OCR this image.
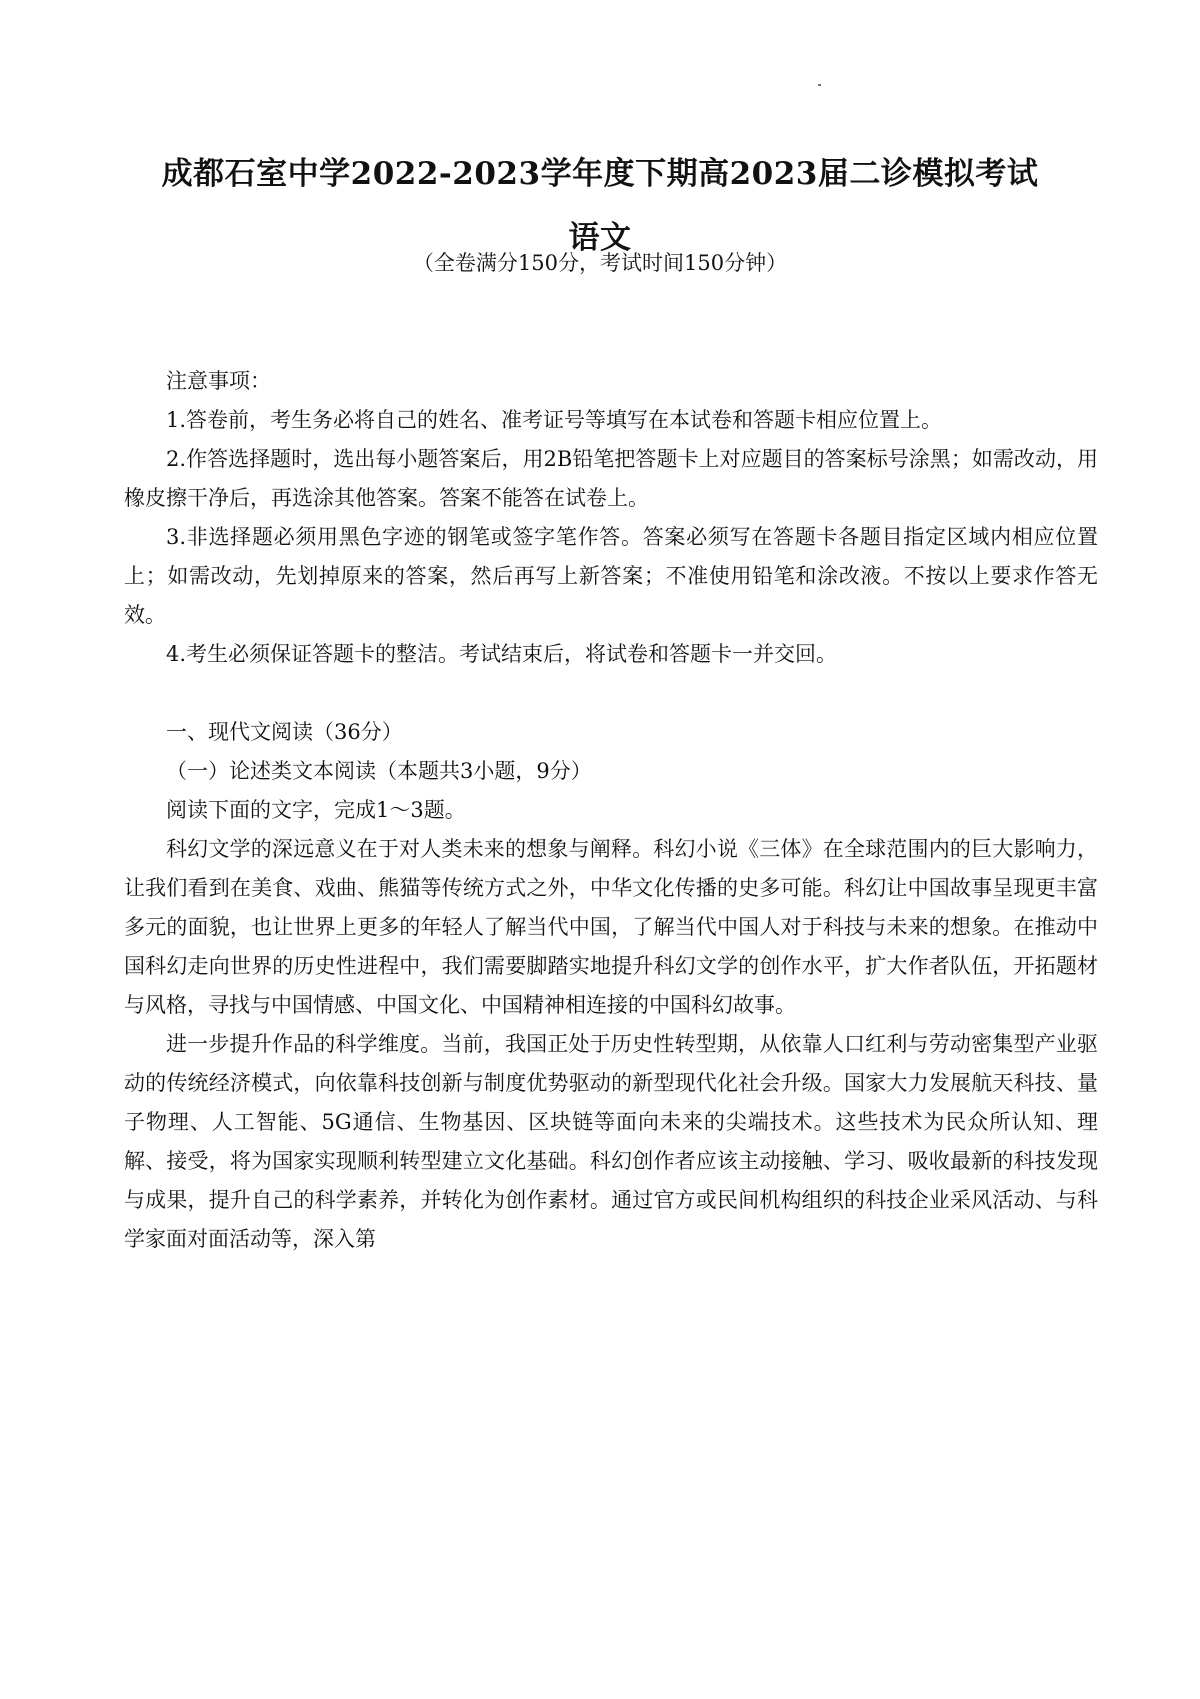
成都石室中学2022-2023学年度下期高2023届二诊模拟考试
语文
（全卷满分150分，考试时间150分钟）

注意事项：

1.答卷前，考生务必将自己的姓名、准考证号等填写在本试卷和答题卡相应位置上。

2.作答选择题时，选出每小题答案后，用2B铅笔把答题卡上对应题目的答案标号涂黑；如需改动，用橡皮擦干净后，再选涂其他答案。答案不能答在试卷上。

3.非选择题必须用黑色字迹的钢笔或签字笔作答。答案必须写在答题卡各题目指定区域内相应位置上；如需改动，先划掉原来的答案，然后再写上新答案；不准使用铅笔和涂改液。不按以上要求作答无效。

4.考生必须保证答题卡的整洁。考试结束后，将试卷和答题卡一并交回。

一、现代文阅读（36分）

（一）论述类文本阅读（本题共3小题，9分）

阅读下面的文字，完成1～3题。

科幻文学的深远意义在于对人类未来的想象与阐释。科幻小说《三体》在全球范围内的巨大影响力，让我们看到在美食、戏曲、熊猫等传统方式之外，中华文化传播的史多可能。科幻让中国故事呈现更丰富多元的面貌，也让世界上更多的年轻人了解当代中国，了解当代中国人对于科技与未来的想象。在推动中国科幻走向世界的历史性进程中，我们需要脚踏实地提升科幻文学的创作水平，扩大作者队伍，开拓题材与风格，寻找与中国情感、中国文化、中国精神相连接的中国科幻故事。

进一步提升作品的科学维度。当前，我国正处于历史性转型期，从依靠人口红利与劳动密集型产业驱动的传统经济模式，向依靠科技创新与制度优势驱动的新型现代化社会升级。国家大力发展航天科技、量子物理、人工智能、5G通信、生物基因、区块链等面向未来的尖端技术。这些技术为民众所认知、理解、接受，将为国家实现顺利转型建立文化基础。科幻创作者应该主动接触、学习、吸收最新的科技发现与成果，提升自己的科学素养，并转化为创作素材。通过官方或民间机构组织的科技企业采风活动、与科学家面对面活动等，深入第
